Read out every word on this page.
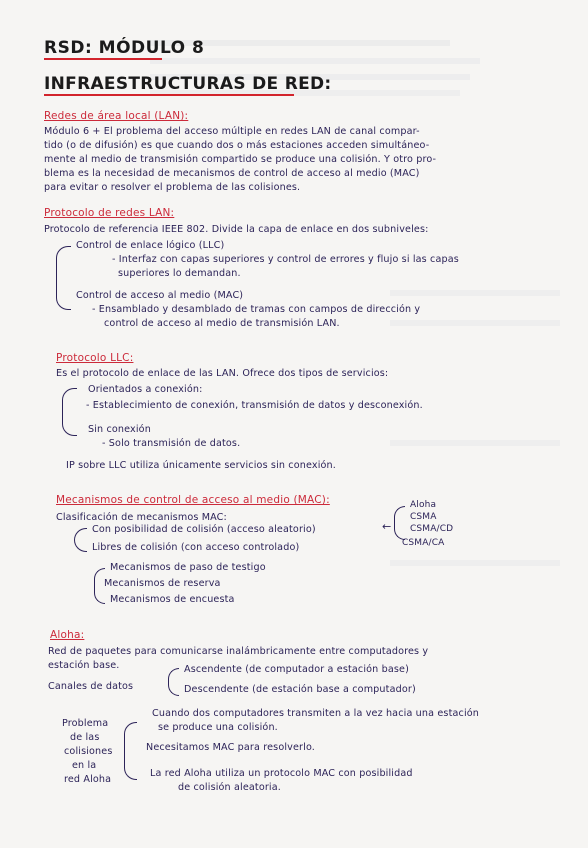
RSD: MÓDULO 8
INFRAESTRUCTURAS DE RED:
Redes de área local (LAN):
Módulo 6 + El problema del acceso múltiple en redes LAN de canal compar-
tido (o de difusión) es que cuando dos o más estaciones acceden simultáneo-
mente al medio de transmisión compartido se produce una colisión. Y otro pro-
blema es la necesidad de mecanismos de control de acceso al medio (MAC)
para evitar o resolver el problema de las colisiones.
Protocolo de redes LAN:
Protocolo de referencia IEEE 802. Divide la capa de enlace en dos subniveles:
Control de enlace lógico (LLC)
- Interfaz con capas superiores y control de errores y flujo si las capas
superiores lo demandan.
Control de acceso al medio (MAC)
- Ensamblado y desamblado de tramas con campos de dirección y
control de acceso al medio de transmisión LAN.
Protocolo LLC:
Es el protocolo de enlace de las LAN. Ofrece dos tipos de servicios:
Orientados a conexión:
- Establecimiento de conexión, transmisión de datos y desconexión.
Sin conexión
- Solo transmisión de datos.
IP sobre LLC utiliza únicamente servicios sin conexión.
Mecanismos de control de acceso al medio (MAC):
Clasificación de mecanismos MAC:
Con posibilidad de colisión (acceso aleatorio)
Libres de colisión (con acceso controlado)
←
Aloha
CSMA
CSMA/CD
CSMA/CA
Mecanismos de paso de testigo
Mecanismos de reserva
Mecanismos de encuesta
Aloha:
Red de paquetes para comunicarse inalámbricamente entre computadores y
estación base.
Canales de datos
Ascendente (de computador a estación base)
Descendente (de estación base a computador)
Problema
de las
colisiones
en la
red Aloha
Cuando dos computadores transmiten a la vez hacia una estación
se produce una colisión.
Necesitamos MAC para resolverlo.
La red Aloha utiliza un protocolo MAC con posibilidad
de colisión aleatoria.
